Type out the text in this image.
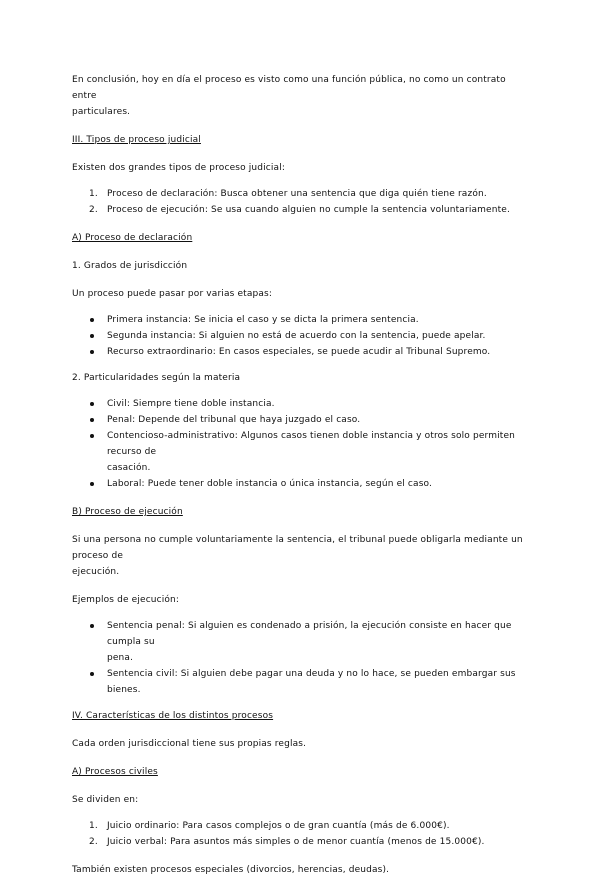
En conclusión, hoy en día el proceso es visto como una función pública, no como un contrato entre
particulares.

III. Tipos de proceso judicial

Existen dos grandes tipos de proceso judicial:

1. Proceso de declaración: Busca obtener una sentencia que diga quién tiene razón.
2. Proceso de ejecución: Se usa cuando alguien no cumple la sentencia voluntariamente.

A) Proceso de declaración

1. Grados de jurisdicción

Un proceso puede pasar por varias etapas:

Primera instancia: Se inicia el caso y se dicta la primera sentencia.
Segunda instancia: Si alguien no está de acuerdo con la sentencia, puede apelar.
Recurso extraordinario: En casos especiales, se puede acudir al Tribunal Supremo.

2. Particularidades según la materia

Civil: Siempre tiene doble instancia.
Penal: Depende del tribunal que haya juzgado el caso.
Contencioso-administrativo: Algunos casos tienen doble instancia y otros solo permiten recurso de
casación.
Laboral: Puede tener doble instancia o única instancia, según el caso.

B) Proceso de ejecución

Si una persona no cumple voluntariamente la sentencia, el tribunal puede obligarla mediante un proceso de
ejecución.

Ejemplos de ejecución:

Sentencia penal: Si alguien es condenado a prisión, la ejecución consiste en hacer que cumpla su
pena.
Sentencia civil: Si alguien debe pagar una deuda y no lo hace, se pueden embargar sus bienes.

IV. Características de los distintos procesos

Cada orden jurisdiccional tiene sus propias reglas.

A) Procesos civiles

Se dividen en:

1. Juicio ordinario: Para casos complejos o de gran cuantía (más de 6.000€).
2. Juicio verbal: Para asuntos más simples o de menor cuantía (menos de 15.000€).

También existen procesos especiales (divorcios, herencias, deudas).
